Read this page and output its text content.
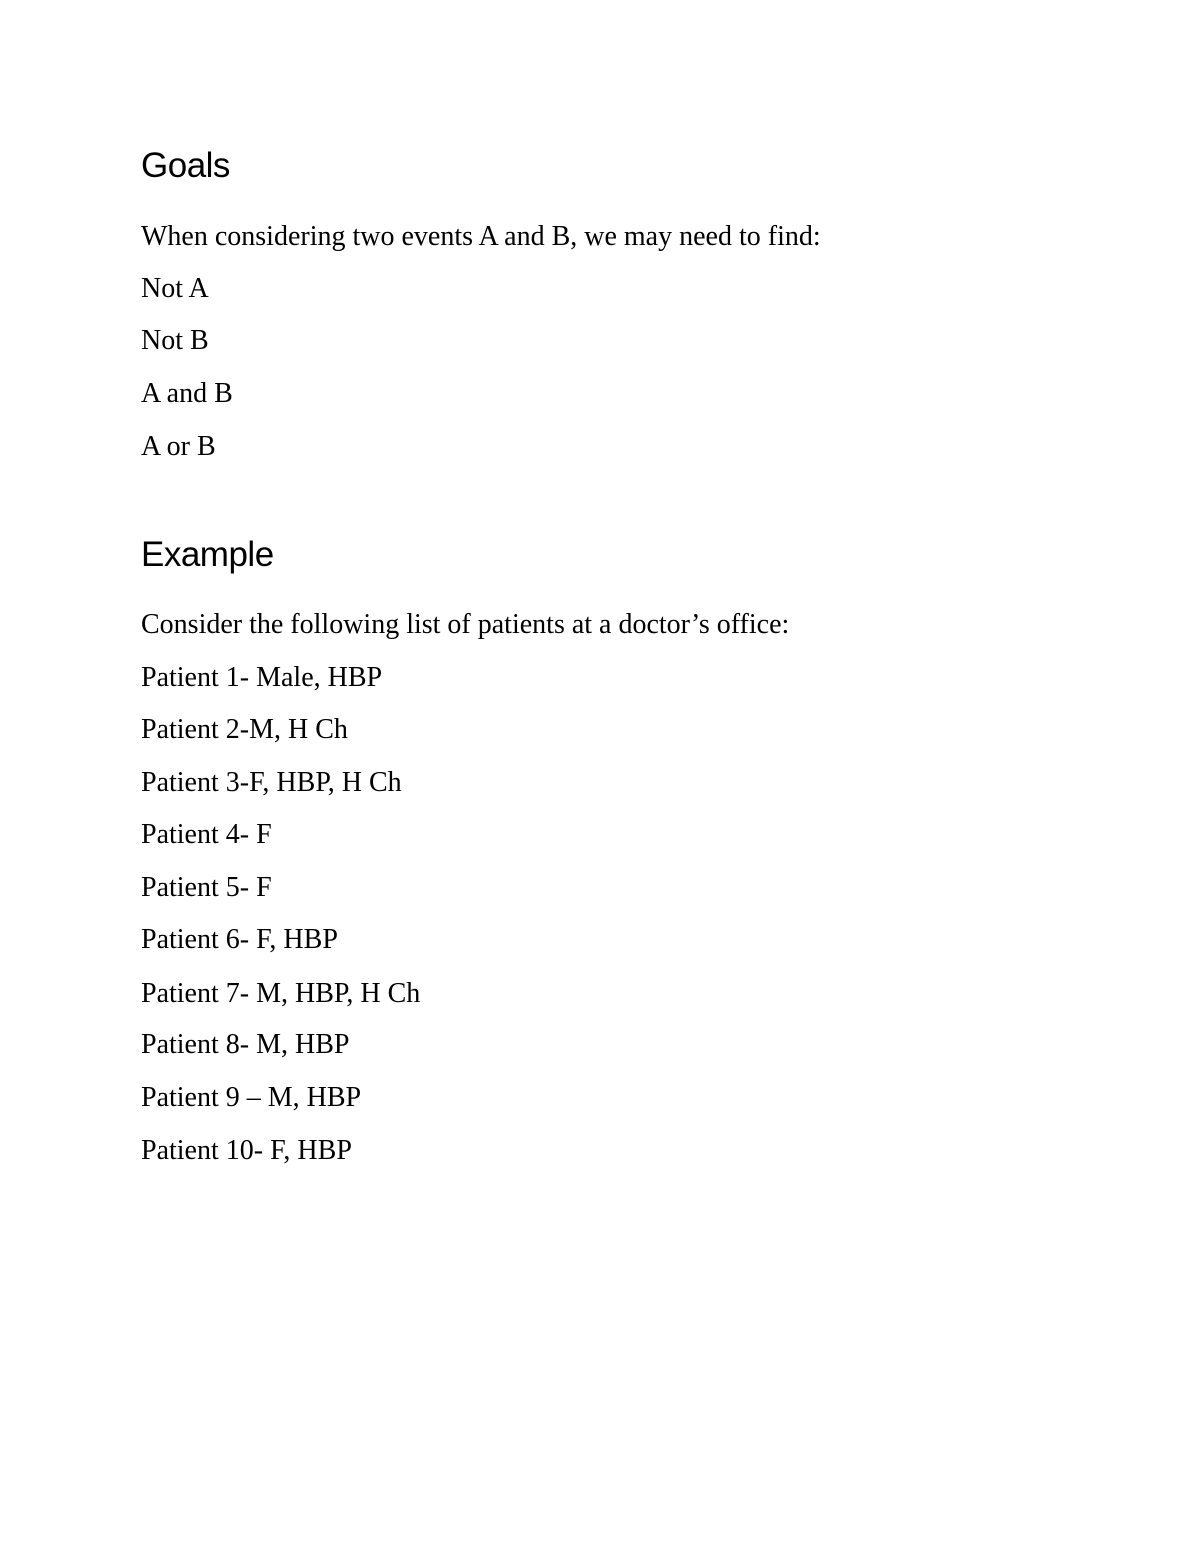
Goals

When considering two events A and B, we may need to find:

Not A

Not B

A and B

A or B

Example

Consider the following list of patients at a doctor’s office:

Patient 1- Male, HBP

Patient 2-M, H Ch

Patient 3-F, HBP, H Ch

Patient 4- F

Patient 5- F

Patient 6- F, HBP

Patient 7- M, HBP, H Ch

Patient 8- M, HBP

Patient 9 – M, HBP

Patient 10- F, HBP
